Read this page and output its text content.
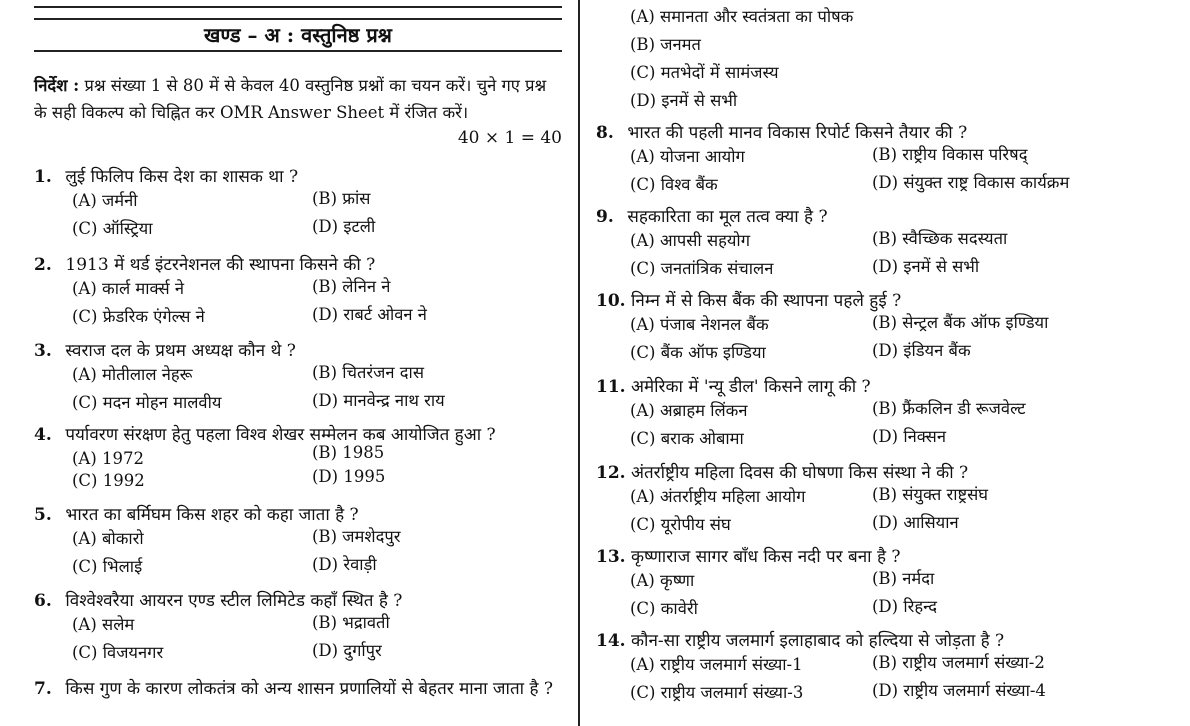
खण्ड – अ : वस्तुनिष्ठ प्रश्न
निर्देश : प्रश्न संख्या 1 से 80 में से केवल 40 वस्तुनिष्ठ प्रश्नों का चयन करें। चुने गए प्रश्न के सही विकल्प को चिह्नित कर OMR Answer Sheet में रंजित करें।
40 × 1 = 40
1. लुई फिलिप किस देश का शासक था ?
(A) जर्मनी	(B) फ्रांस
(C) ऑस्ट्रिया	(D) इटली
2. 1913 में थर्ड इंटरनेशनल की स्थापना किसने की ?
(A) कार्ल मार्क्स ने	(B) लेनिन ने
(C) फ्रेडरिक एंगेल्स ने	(D) राबर्ट ओवन ने
3. स्वराज दल के प्रथम अध्यक्ष कौन थे ?
(A) मोतीलाल नेहरू	(B) चितरंजन दास
(C) मदन मोहन मालवीय	(D) मानवेन्द्र नाथ राय
4. पर्यावरण संरक्षण हेतु पहला विश्व शेखर सम्मेलन कब आयोजित हुआ ?
(A) 1972	(B) 1985
(C) 1992	(D) 1995
5. भारत का बर्मिघम किस शहर को कहा जाता है ?
(A) बोकारो	(B) जमशेदपुर
(C) भिलाई	(D) रेवाड़ी
6. विश्वेश्वरैया आयरन एण्ड स्टील लिमिटेड कहाँ स्थित है ?
(A) सलेम	(B) भद्रावती
(C) विजयनगर	(D) दुर्गापुर
7. किस गुण के कारण लोकतंत्र को अन्य शासन प्रणालियों से बेहतर माना जाता है ?
(A) समानता और स्वतंत्रता का पोषक
(B) जनमत
(C) मतभेदों में सामंजस्य
(D) इनमें से सभी
8. भारत की पहली मानव विकास रिपोर्ट किसने तैयार की ?
(A) योजना आयोग	(B) राष्ट्रीय विकास परिषद्
(C) विश्व बैंक	(D) संयुक्त राष्ट्र विकास कार्यक्रम
9. सहकारिता का मूल तत्व क्या है ?
(A) आपसी सहयोग	(B) स्वैच्छिक सदस्यता
(C) जनतांत्रिक संचालन	(D) इनमें से सभी
10. निम्न में से किस बैंक की स्थापना पहले हुई ?
(A) पंजाब नेशनल बैंक	(B) सेन्ट्रल बैंक ऑफ इण्डिया
(C) बैंक ऑफ इण्डिया	(D) इंडियन बैंक
11. अमेरिका में 'न्यू डील' किसने लागू की ?
(A) अब्राहम लिंकन	(B) फ्रैंकलिन डी रूजवेल्ट
(C) बराक ओबामा	(D) निक्सन
12. अंतर्राष्ट्रीय महिला दिवस की घोषणा किस संस्था ने की ?
(A) अंतर्राष्ट्रीय महिला आयोग	(B) संयुक्त राष्ट्रसंघ
(C) यूरोपीय संघ	(D) आसियान
13. कृष्णाराज सागर बाँध किस नदी पर बना है ?
(A) कृष्णा	(B) नर्मदा
(C) कावेरी	(D) रिहन्द
14. कौन-सा राष्ट्रीय जलमार्ग इलाहाबाद को हल्दिया से जोड़ता है ?
(A) राष्ट्रीय जलमार्ग संख्या-1	(B) राष्ट्रीय जलमार्ग संख्या-2
(C) राष्ट्रीय जलमार्ग संख्या-3	(D) राष्ट्रीय जलमार्ग संख्या-4
